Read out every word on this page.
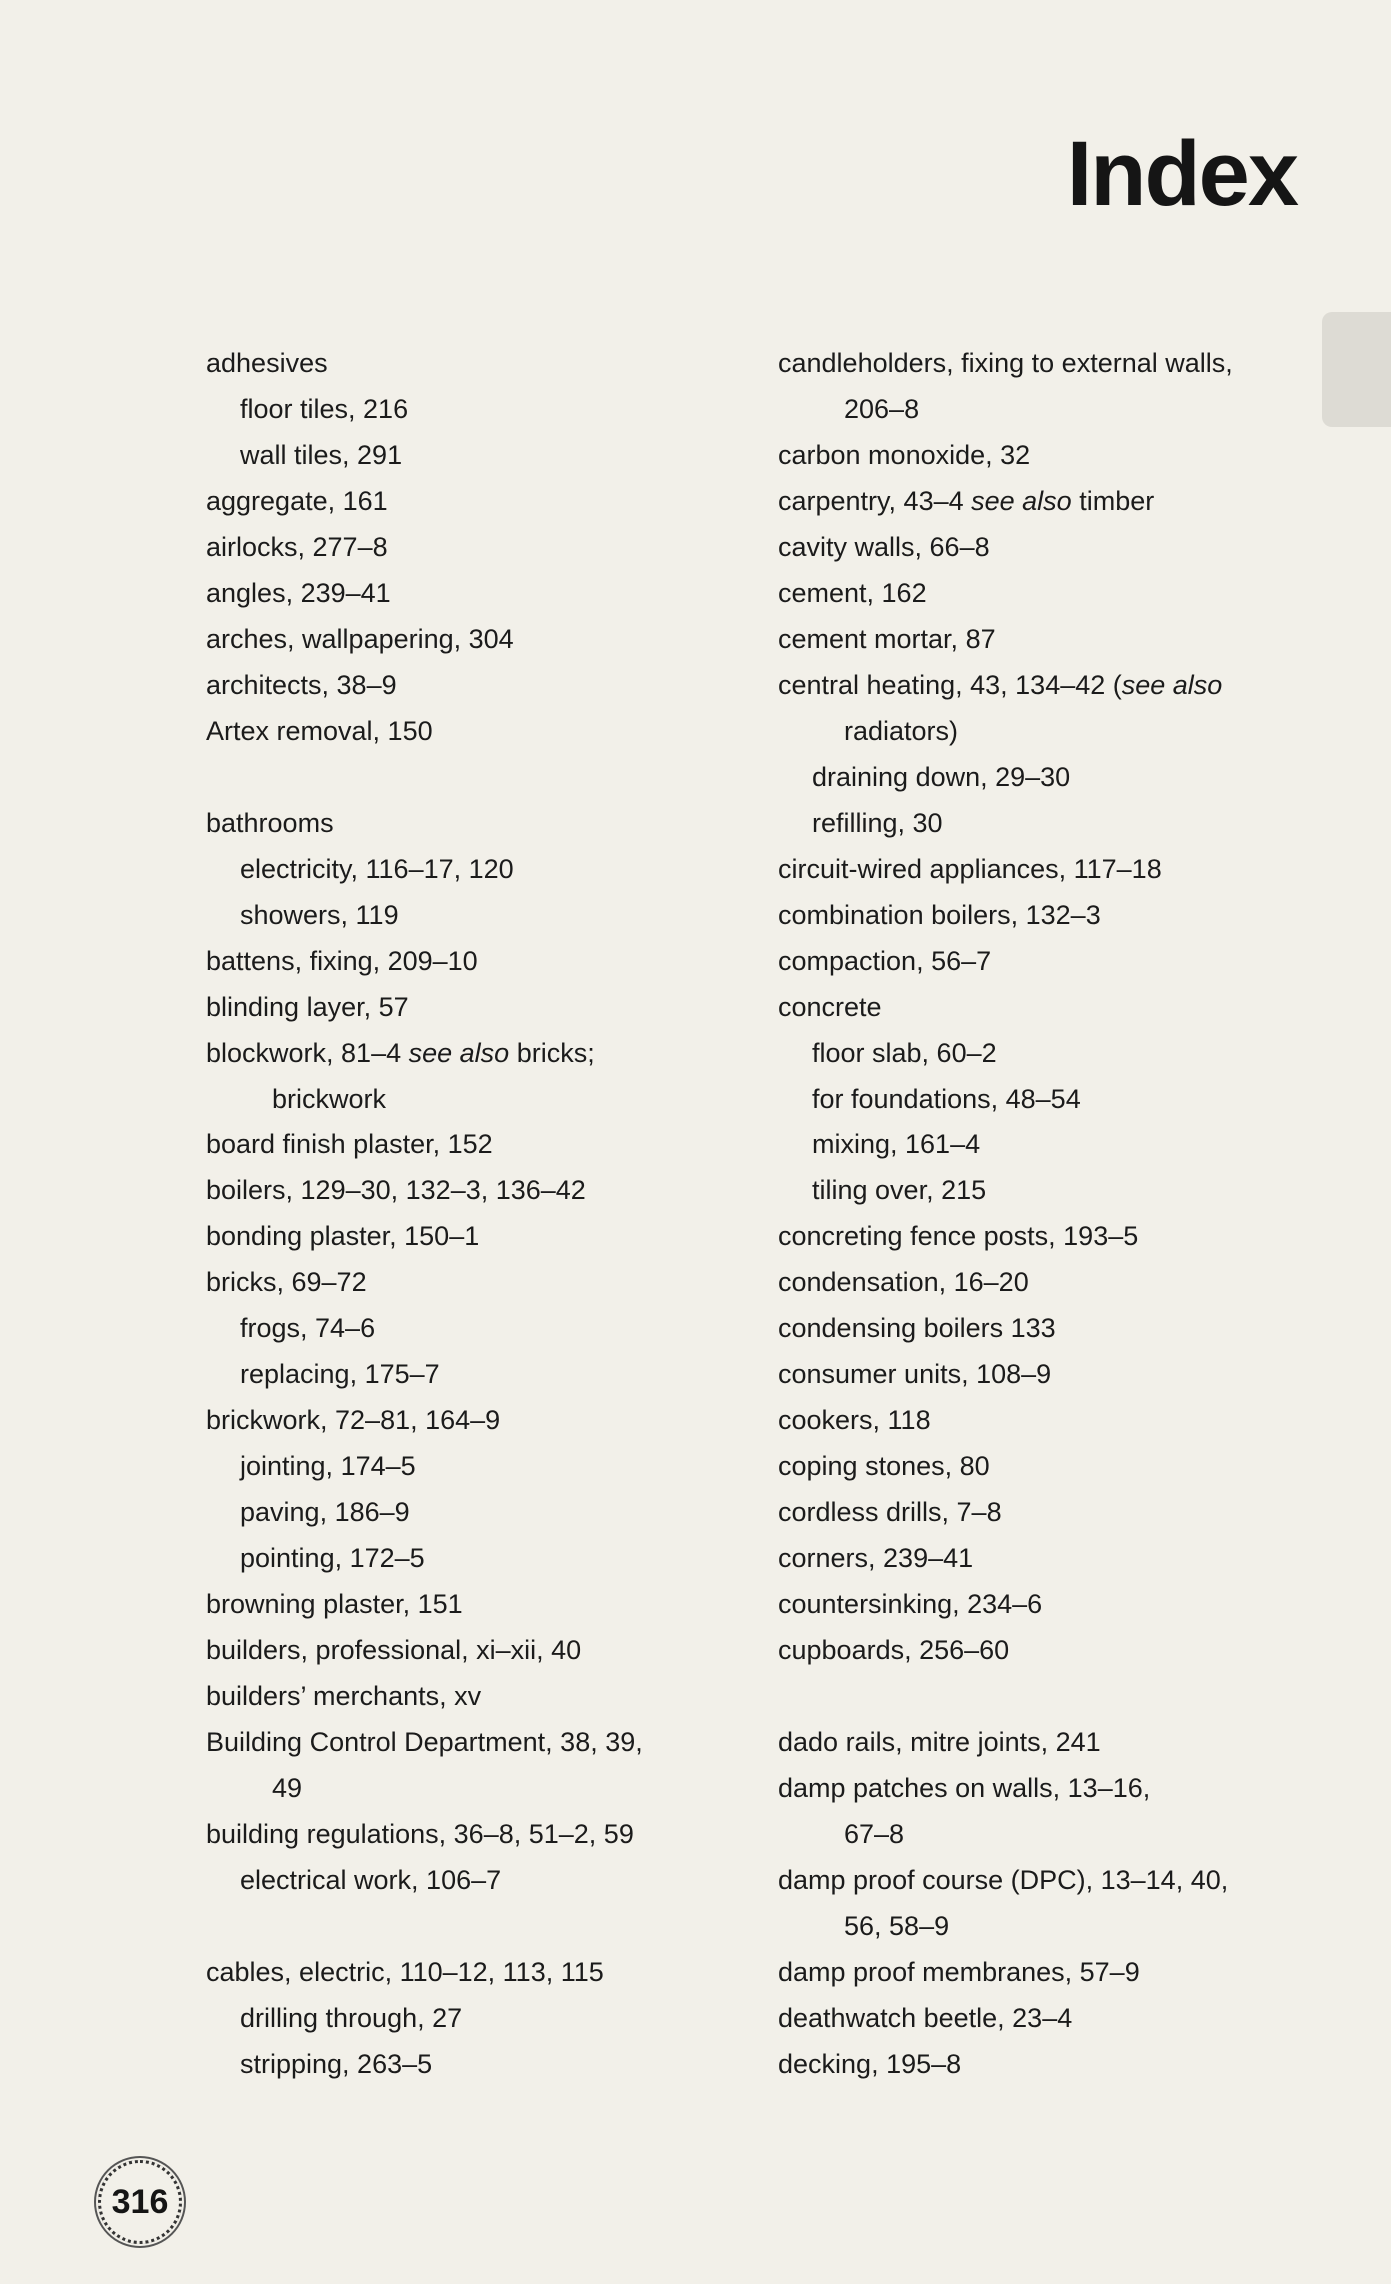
Index
adhesives
floor tiles, 216
wall tiles, 291
aggregate, 161
airlocks, 277–8
angles, 239–41
arches, wallpapering, 304
architects, 38–9
Artex removal, 150
bathrooms
electricity, 116–17, 120
showers, 119
battens, fixing, 209–10
blinding layer, 57
blockwork, 81–4 see also bricks;
brickwork
board finish plaster, 152
boilers, 129–30, 132–3, 136–42
bonding plaster, 150–1
bricks, 69–72
frogs, 74–6
replacing, 175–7
brickwork, 72–81, 164–9
jointing, 174–5
paving, 186–9
pointing, 172–5
browning plaster, 151
builders, professional, xi–xii, 40
builders’ merchants, xv
Building Control Department, 38, 39,
49
building regulations, 36–8, 51–2, 59
electrical work, 106–7
cables, electric, 110–12, 113, 115
drilling through, 27
stripping, 263–5
candleholders, fixing to external walls,
206–8
carbon monoxide, 32
carpentry, 43–4 see also timber
cavity walls, 66–8
cement, 162
cement mortar, 87
central heating, 43, 134–42 (see also
radiators)
draining down, 29–30
refilling, 30
circuit-wired appliances, 117–18
combination boilers, 132–3
compaction, 56–7
concrete
floor slab, 60–2
for foundations, 48–54
mixing, 161–4
tiling over, 215
concreting fence posts, 193–5
condensation, 16–20
condensing boilers 133
consumer units, 108–9
cookers, 118
coping stones, 80
cordless drills, 7–8
corners, 239–41
countersinking, 234–6
cupboards, 256–60
dado rails, mitre joints, 241
damp patches on walls, 13–16,
67–8
damp proof course (DPC), 13–14, 40,
56, 58–9
damp proof membranes, 57–9
deathwatch beetle, 23–4
decking, 195–8
316
